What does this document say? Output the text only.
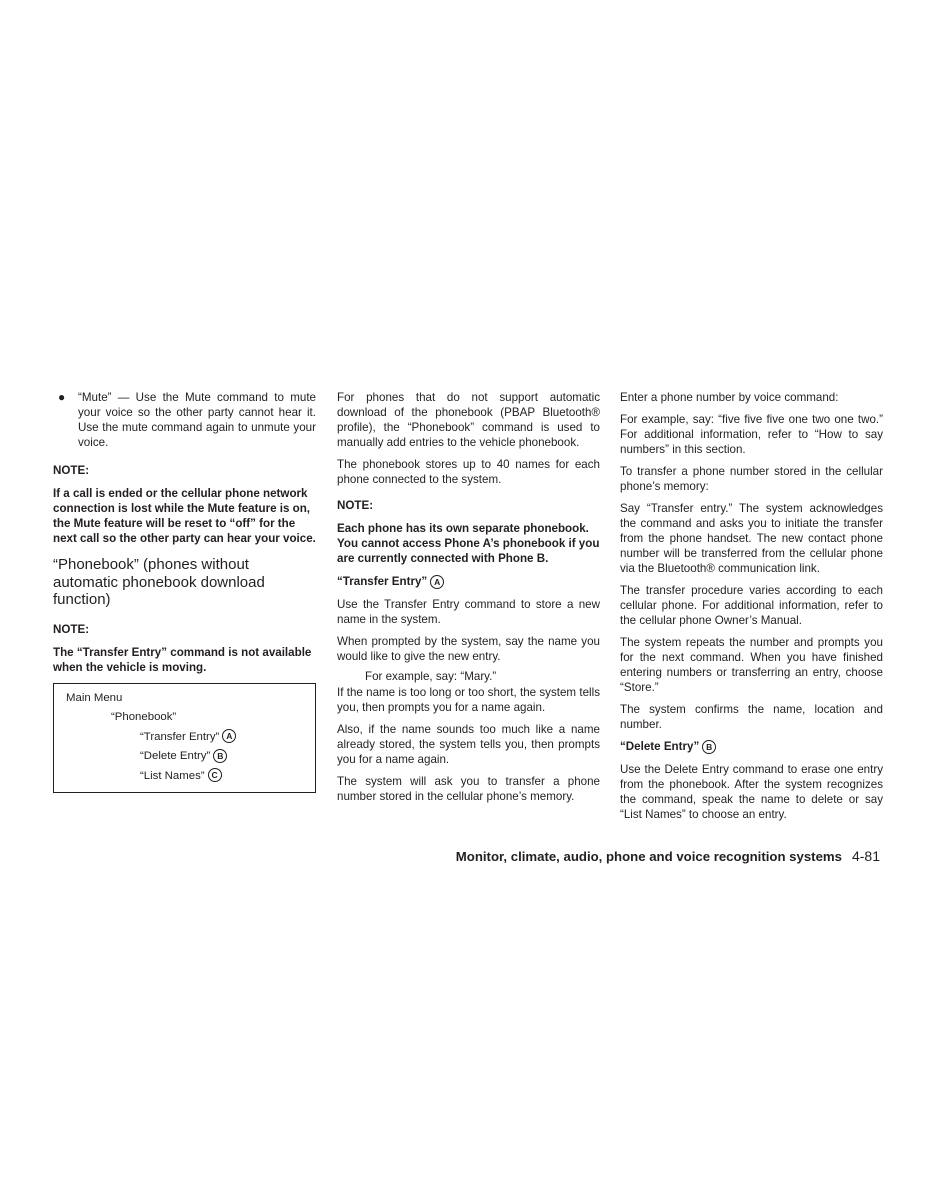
●	“Mute” — Use the Mute command to mute your voice so the other party cannot hear it. Use the mute command again to unmute your voice.
NOTE:

If a call is ended or the cellular phone network connection is lost while the Mute feature is on, the Mute feature will be reset to “off” for the next call so the other party can hear your voice.

“Phonebook” (phones without automatic phonebook download function)
NOTE:

The “Transfer Entry” command is not available when the vehicle is moving.

Main Menu
“Phonebook”
“Transfer Entry” A
“Delete Entry” B
“List Names” C

For phones that do not support automatic download of the phonebook (PBAP Bluetooth® profile), the “Phonebook” command is used to manually add entries to the vehicle phonebook.

The phonebook stores up to 40 names for each phone connected to the system.

NOTE:

Each phone has its own separate phonebook. You cannot access Phone A’s phonebook if you are currently connected with Phone B.

“Transfer Entry” A

Use the Transfer Entry command to store a new name in the system.

When prompted by the system, say the name you would like to give the new entry.

For example, say: “Mary.”

If the name is too long or too short, the system tells you, then prompts you for a name again.

Also, if the name sounds too much like a name already stored, the system tells you, then prompts you for a name again.

The system will ask you to transfer a phone number stored in the cellular phone’s memory.

Enter a phone number by voice command:

For example, say: “five five five one two one two.” For additional information, refer to “How to say numbers” in this section.

To transfer a phone number stored in the cellular phone’s memory:

Say “Transfer entry.” The system acknowledges the command and asks you to initiate the transfer from the phone handset. The new contact phone number will be transferred from the cellular phone via the Bluetooth® communication link.

The transfer procedure varies according to each cellular phone. For additional information, refer to the cellular phone Owner’s Manual.

The system repeats the number and prompts you for the next command. When you have finished entering numbers or transferring an entry, choose “Store.”

The system confirms the name, location and number.

“Delete Entry” B

Use the Delete Entry command to erase one entry from the phonebook. After the system recognizes the command, speak the name to delete or say “List Names” to choose an entry.

Monitor, climate, audio, phone and voice recognition systems 4-81
